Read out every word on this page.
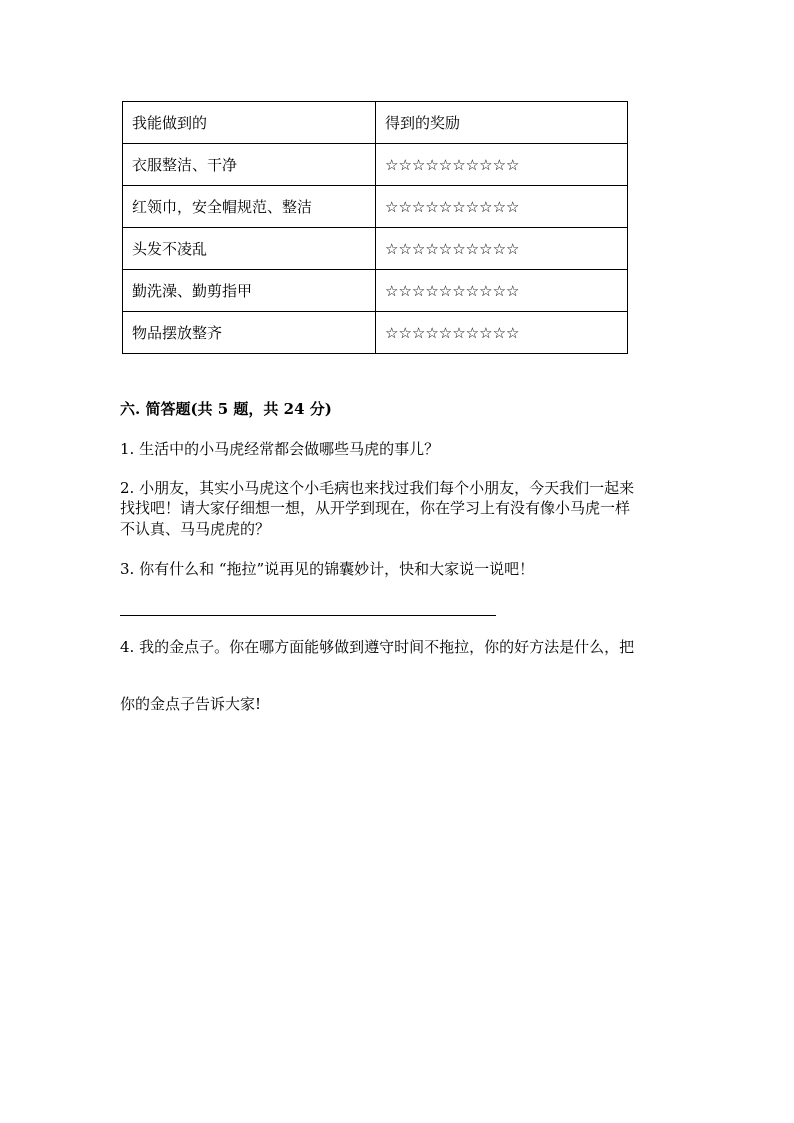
我能做到的	得到的奖励
衣服整洁、干净	☆☆☆☆☆☆☆☆☆☆
红领巾，安全帽规范、整洁	☆☆☆☆☆☆☆☆☆☆
头发不凌乱	☆☆☆☆☆☆☆☆☆☆
勤洗澡、勤剪指甲	☆☆☆☆☆☆☆☆☆☆
物品摆放整齐	☆☆☆☆☆☆☆☆☆☆
六. 简答题(共 5 题，共 24 分)
1. 生活中的小马虎经常都会做哪些马虎的事儿？
2. 小朋友，其实小马虎这个小毛病也来找过我们每个小朋友，今天我们一起来
找找吧！请大家仔细想一想，从开学到现在，你在学习上有没有像小马虎一样
不认真、马马虎虎的？
3. 你有什么和 “拖拉”说再见的锦囊妙计，快和大家说一说吧！
4. 我的金点子。你在哪方面能够做到遵守时间不拖拉，你的好方法是什么，把
你的金点子告诉大家!
